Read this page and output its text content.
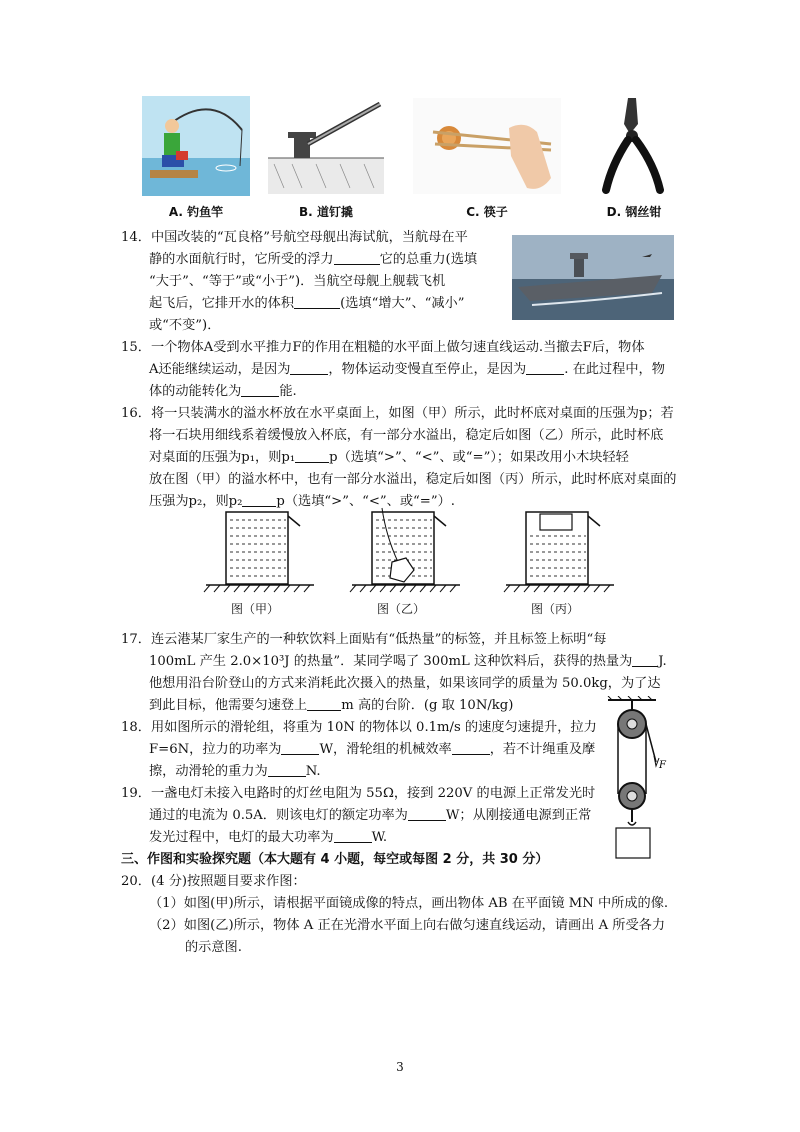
A. 钓鱼竿	B. 道钉撬	C. 筷子	D. 钢丝钳
14．中国改装的“瓦良格”号航空母舰出海试航，当航母在平
静的水面航行时，它所受的浮力	它的总重力(选填
“大于”、“等于”或“小于”)．当航空母舰上舰载飞机
起飞后，它排开水的体积	(选填“增大”、“减小”
或“不变”)．
15．一个物体A受到水平推力F的作用在粗糙的水平面上做匀速直线运动.当撤去F后，物体
A还能继续运动，是因为	，物体运动变慢直至停止，是因为	. 在此过程中，物
体的动能转化为	能.
16．将一只装满水的溢水杯放在水平桌面上，如图（甲）所示，此时杯底对桌面的压强为p；若
将一石块用细线系着缓慢放入杯底，有一部分水溢出，稳定后如图（乙）所示，此时杯底
对桌面的压强为p₁，则p₁	p（选填“>”、“<”、或“=”）；如果改用小木块轻轻
放在图（甲）的溢水杯中，也有一部分水溢出，稳定后如图（丙）所示，此时杯底对桌面的
压强为p₂，则p₂	p（选填“>”、“<”、或“=”）.
图（甲）	图（乙）	图（丙）
17．连云港某厂家生产的一种软饮料上面贴有“低热量”的标签，并且标签上标明“每
100mL 产生 2.0×10³J 的热量”．某同学喝了 300mL 这种饮料后，获得的热量为 J.
他想用沿台阶登山的方式来消耗此次摄入的热量，如果该同学的质量为 50.0kg，为了达
到此目标，他需要匀速登上	m 高的台阶．(g 取 10N/kg)
18．用如图所示的滑轮组，将重为 10N 的物体以 0.1m/s 的速度匀速提升，拉力
F=6N，拉力的功率为	W，滑轮组的机械效率	，若不计绳重及摩
擦，动滑轮的重力为	N.	F
19．一盏电灯未接入电路时的灯丝电阻为 55Ω，接到 220V 的电源上正常发光时
通过的电流为 0.5A．则该电灯的额定功率为	W；从刚接通电源到正常
发光过程中，电灯的最大功率为	W.
三、作图和实验探究题（本大题有 4 小题，每空或每图 2 分，共 30 分）
20．(4 分)按照题目要求作图：
（1）如图(甲)所示，请根据平面镜成像的特点，画出物体 AB 在平面镜 MN 中所成的像.
（2）如图(乙)所示，物体 A 正在光滑水平面上向右做匀速直线运动，请画出 A 所受各力
的示意图.
3
